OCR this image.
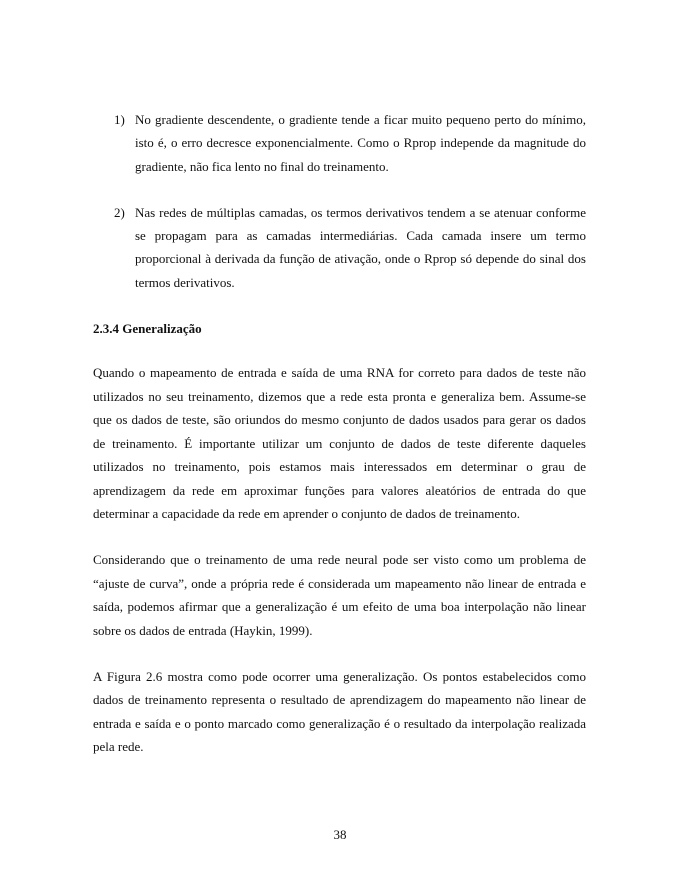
1) No gradiente descendente, o gradiente tende a ficar muito pequeno perto do mínimo, isto é, o erro decresce exponencialmente. Como o Rprop independe da magnitude do gradiente, não fica lento no final do treinamento.
2) Nas redes de múltiplas camadas, os termos derivativos tendem a se atenuar conforme se propagam para as camadas intermediárias. Cada camada insere um termo proporcional à derivada da função de ativação, onde o Rprop só depende do sinal dos termos derivativos.
2.3.4 Generalização

Quando o mapeamento de entrada e saída de uma RNA for correto para dados de teste não utilizados no seu treinamento, dizemos que a rede esta pronta e generaliza bem. Assume-se que os dados de teste, são oriundos do mesmo conjunto de dados usados para gerar os dados de treinamento. É importante utilizar um conjunto de dados de teste diferente daqueles utilizados no treinamento, pois estamos mais interessados em determinar o grau de aprendizagem da rede em aproximar funções para valores aleatórios de entrada do que determinar a capacidade da rede em aprender o conjunto de dados de treinamento.

Considerando que o treinamento de uma rede neural pode ser visto como um problema de “ajuste de curva”, onde a própria rede é considerada um mapeamento não linear de entrada e saída, podemos afirmar que a generalização é um efeito de uma boa interpolação não linear sobre os dados de entrada (Haykin, 1999).

A Figura 2.6 mostra como pode ocorrer uma generalização. Os pontos estabelecidos como dados de treinamento representa o resultado de aprendizagem do mapeamento não linear de entrada e saída e o ponto marcado como generalização é o resultado da interpolação realizada pela rede.

38
